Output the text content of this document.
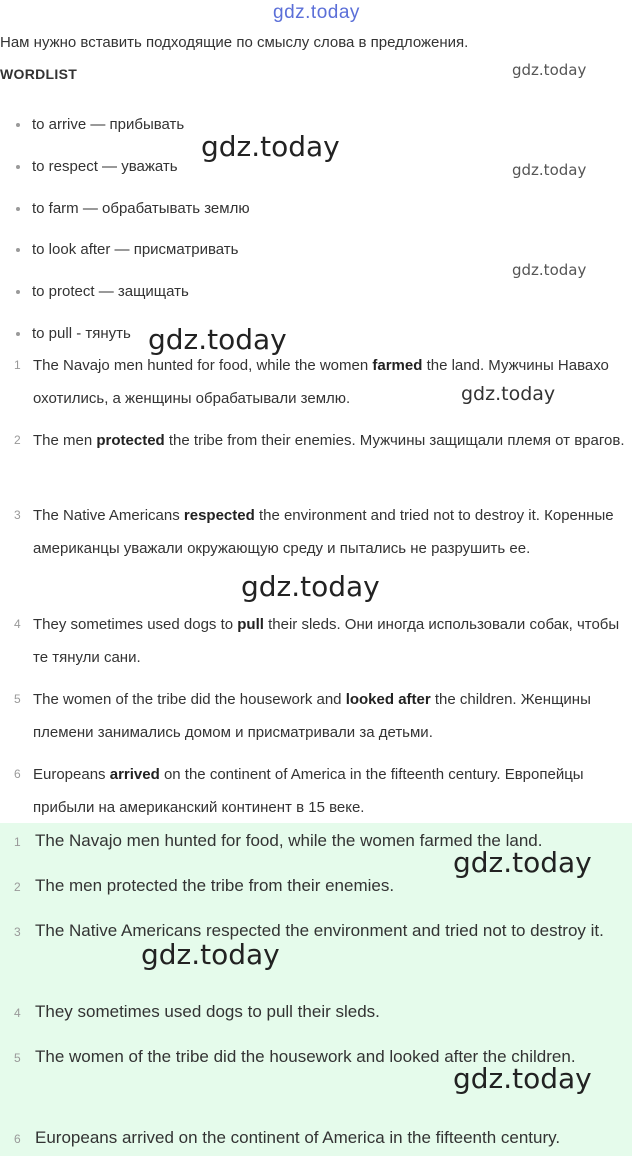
gdz.today
Нам нужно вставить подходящие по смыслу слова в предложения.
WORDLIST
to arrive — прибывать
to respect — уважать
to farm — обрабатывать землю
to look after — присматривать
to protect — защищать
to pull - тянуть
1 The Navajo men hunted for food, while the women farmed the land. Мужчины Навахо охотились, а женщины обрабатывали землю.
2 The men protected the tribe from their enemies. Мужчины защищали племя от врагов.
3 The Native Americans respected the environment and tried not to destroy it. Коренные американцы уважали окружающую среду и пытались не разрушить ее.
4 They sometimes used dogs to pull their sleds. Они иногда использовали собак, чтобы те тянули сани.
5 The women of the tribe did the housework and looked after the children. Женщины племени занимались домом и присматривали за детьми.
6 Europeans arrived on the continent of America in the fifteenth century. Европейцы прибыли на американский континент в 15 веке.
1 The Navajo men hunted for food, while the women farmed the land.
2 The men protected the tribe from their enemies.
3 The Native Americans respected the environment and tried not to destroy it.
4 They sometimes used dogs to pull their sleds.
5 The women of the tribe did the housework and looked after the children.
6 Europeans arrived on the continent of America in the fifteenth century.
gdz.today
gdz.today
gdz.today
gdz.today
gdz.today
gdz.today
gdz.today
gdz.today
gdz.today
gdz.today
